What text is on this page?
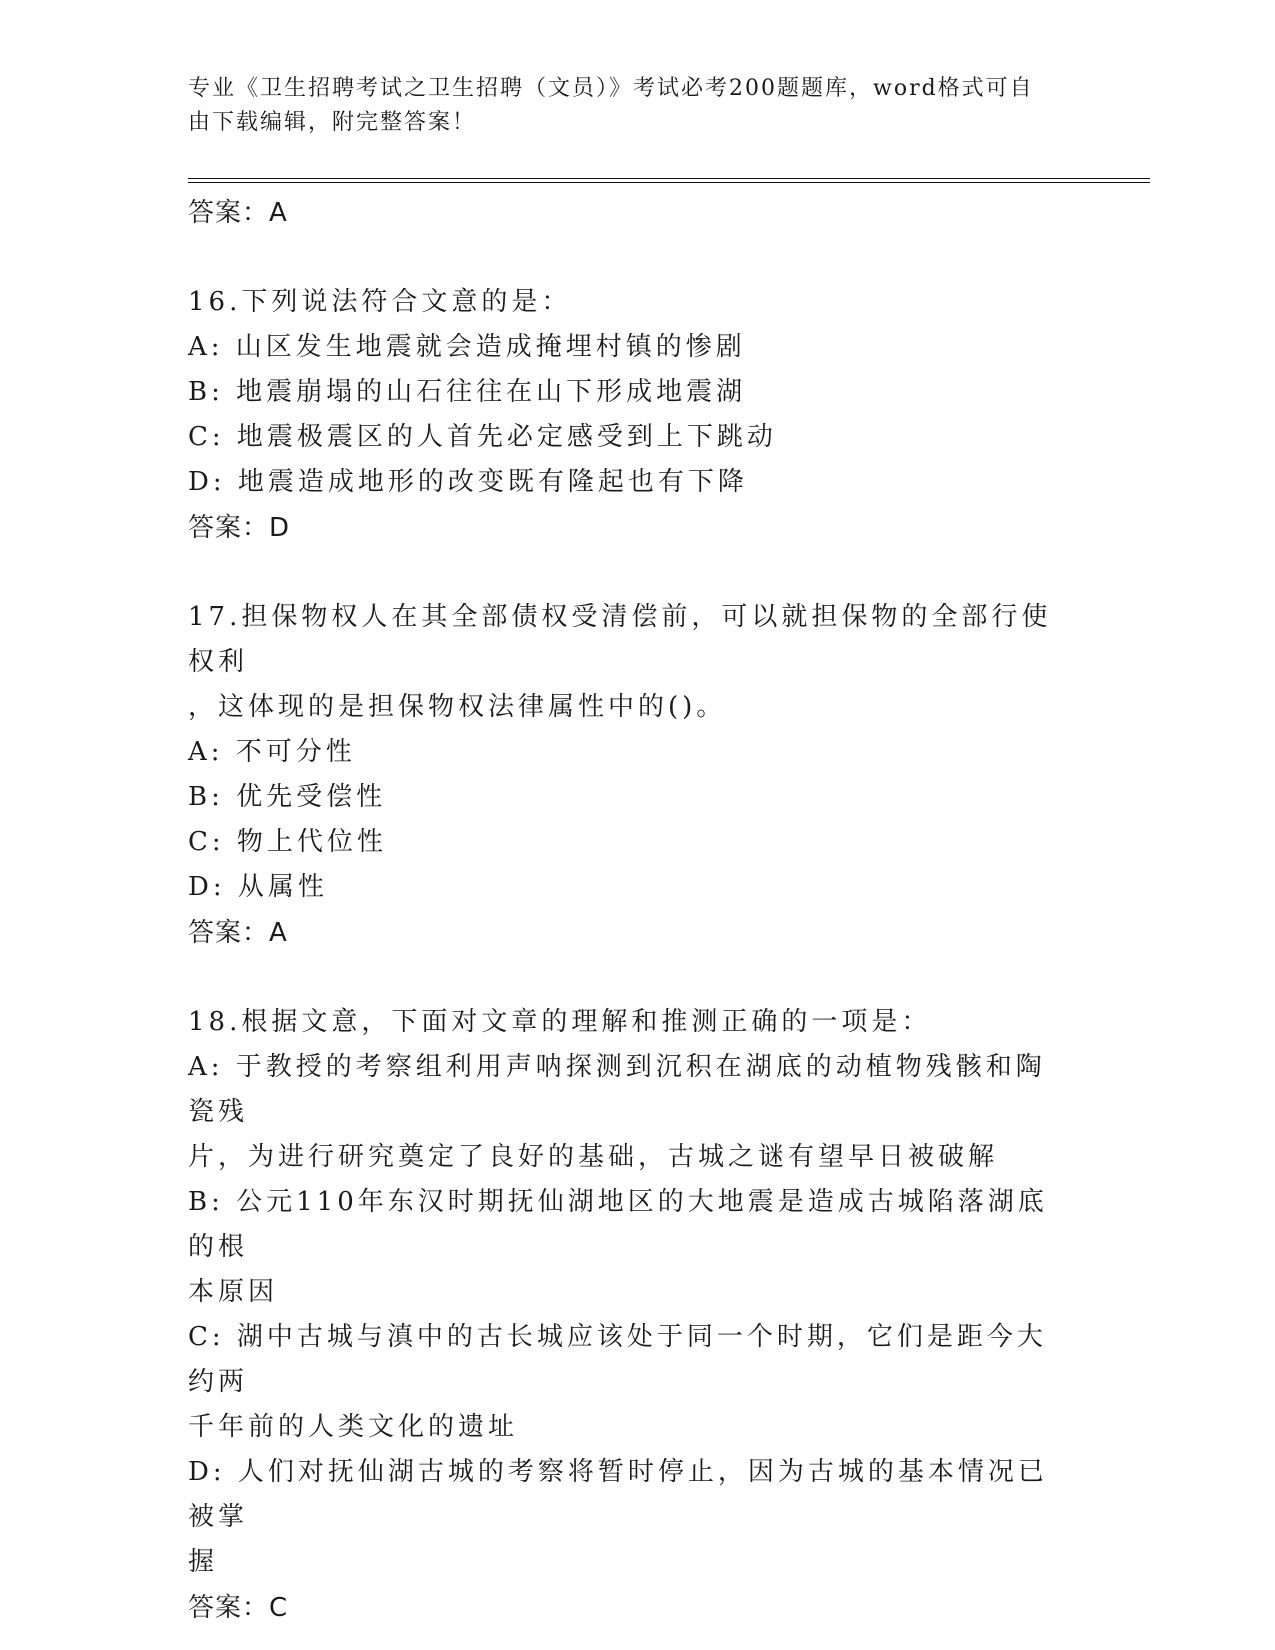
专业《卫生招聘考试之卫生招聘（文员）》考试必考200题题库，word格式可自
由下载编辑，附完整答案！
答案：A
16.下列说法符合文意的是：
A: 山区发生地震就会造成掩埋村镇的惨剧
B: 地震崩塌的山石往往在山下形成地震湖
C: 地震极震区的人首先必定感受到上下跳动
D: 地震造成地形的改变既有隆起也有下降
答案：D
17.担保物权人在其全部债权受清偿前，可以就担保物的全部行使权利
，这体现的是担保物权法律属性中的()。
A: 不可分性
B: 优先受偿性
C: 物上代位性
D: 从属性
答案：A
18.根据文意，下面对文章的理解和推测正确的一项是：
A: 于教授的考察组利用声呐探测到沉积在湖底的动植物残骸和陶瓷残
片，为进行研究奠定了良好的基础，古城之谜有望早日被破解
B: 公元110年东汉时期抚仙湖地区的大地震是造成古城陷落湖底的根
本原因
C: 湖中古城与滇中的古长城应该处于同一个时期，它们是距今大约两
千年前的人类文化的遗址
D: 人们对抚仙湖古城的考察将暂时停止，因为古城的基本情况已被掌
握
答案：C
